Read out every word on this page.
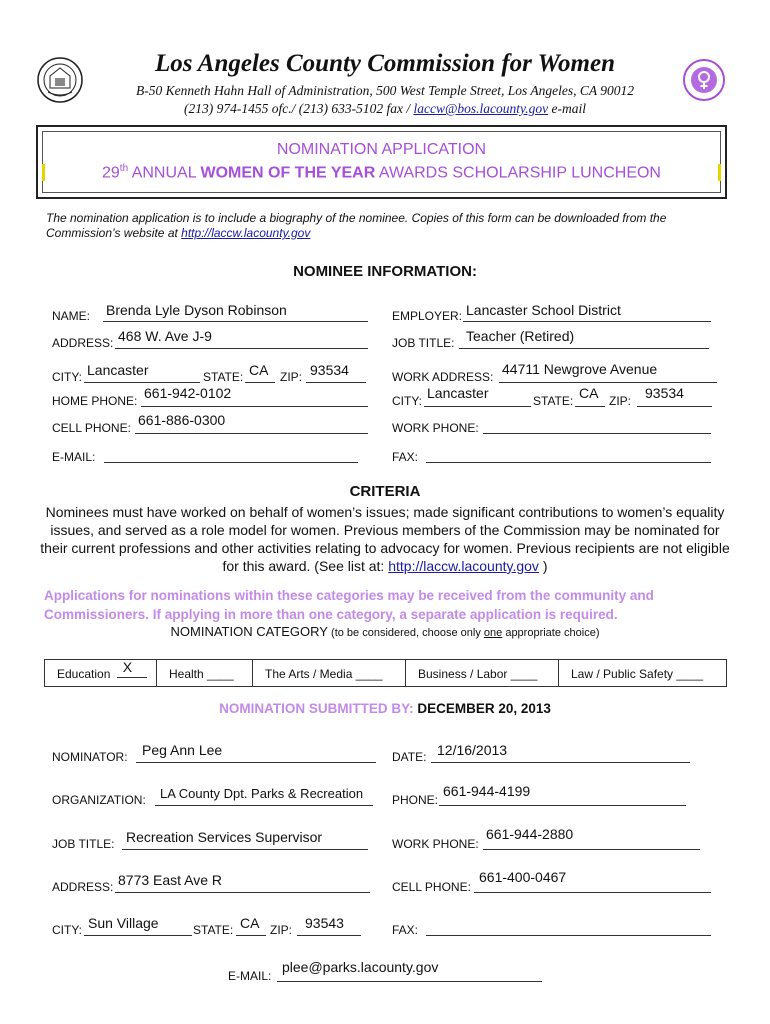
Los Angeles County Commission for Women
B-50 Kenneth Hahn Hall of Administration, 500 West Temple Street, Los Angeles, CA 90012
(213) 974-1455 ofc./ (213) 633-5102 fax / laccw@bos.lacounty.gov e-mail
NOMINATION APPLICATION
29th ANNUAL WOMEN OF THE YEAR AWARDS SCHOLARSHIP LUNCHEON
The nomination application is to include a biography of the nominee. Copies of this form can be downloaded from the Commission’s website at http://laccw.lacounty.gov
NOMINEE INFORMATION:
NAME: Brenda Lyle Dyson Robinson
ADDRESS: 468 W. Ave J-9
CITY: Lancaster	STATE: CA ZIP: 93534
HOME PHONE: 661-942-0102
CELL PHONE: 661-886-0300
E-MAIL:
EMPLOYER: Lancaster School District
JOB TITLE: Teacher (Retired)
WORK ADDRESS: 44711 Newgrove Avenue
CITY: Lancaster	STATE: CA ZIP: 93534
WORK PHONE:
FAX:
CRITERIA
Nominees must have worked on behalf of women’s issues; made significant contributions to women’s equality issues, and served as a role model for women. Previous members of the Commission may be nominated for their current professions and other activities relating to advocacy for women. Previous recipients are not eligible for this award. (See list at: http://laccw.lacounty.gov )
Applications for nominations within these categories may be received from the community and Commissioners. If applying in more than one category, a separate application is required.
NOMINATION CATEGORY (to be considered, choose only one appropriate choice)
Education X	Health ____	The Arts / Media ____	Business / Labor ____	Law / Public Safety ____
NOMINATION SUBMITTED BY: DECEMBER 20, 2013
NOMINATOR: Peg Ann Lee
ORGANIZATION: LA County Dpt. Parks & Recreation
JOB TITLE: Recreation Services Supervisor
ADDRESS: 8773 East Ave R
CITY: Sun Village	STATE: CA ZIP: 93543
DATE: 12/16/2013
PHONE:
661-944-4199
WORK PHONE:
661-944-2880
CELL PHONE:
661-400-0467
FAX:
E-MAIL:
plee@parks.lacounty.gov
